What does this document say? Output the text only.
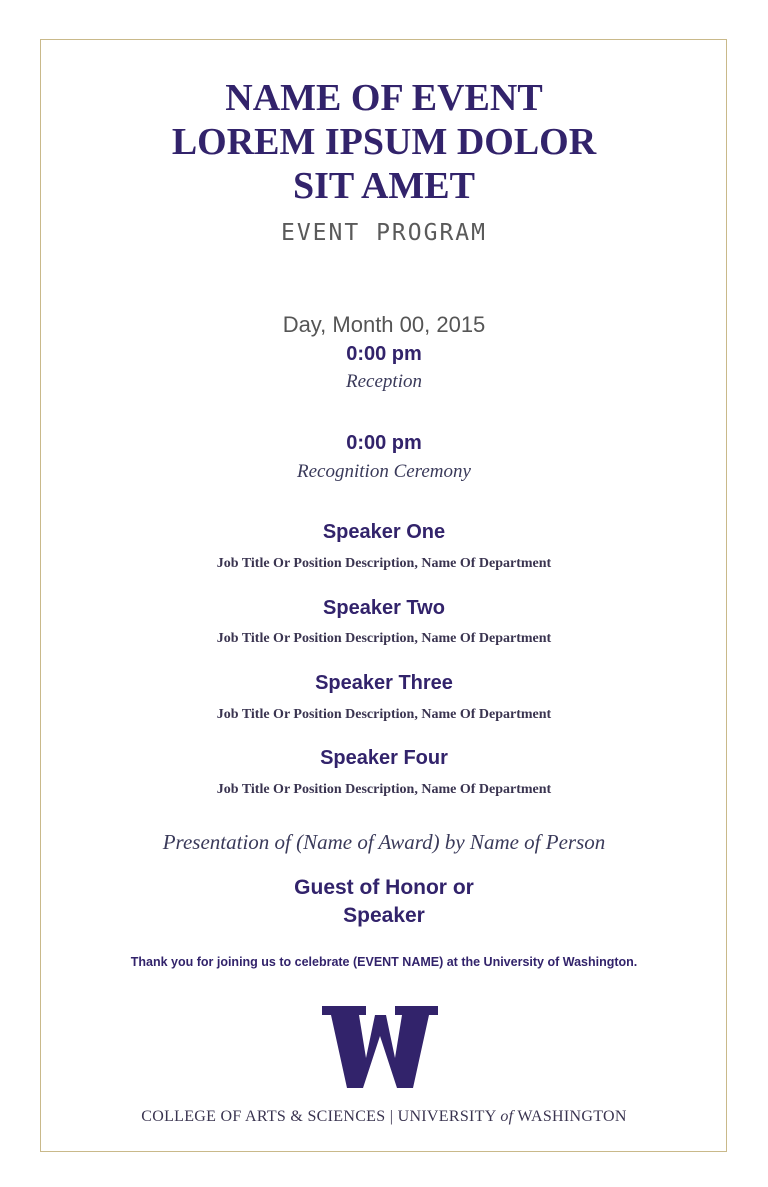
NAME OF EVENT
LOREM IPSUM DOLOR
SIT AMET
EVENT PROGRAM
Day, Month 00, 2015
0:00 pm
Reception
0:00 pm
Recognition Ceremony
Speaker One
Job Title Or Position Description, Name Of Department
Speaker Two
Job Title Or Position Description, Name Of Department
Speaker Three
Job Title Or Position Description, Name Of Department
Speaker Four
Job Title Or Position Description, Name Of Department
Presentation of (Name of Award) by Name of Person
Guest of Honor or
Speaker
Thank you for joining us to celebrate (EVENT NAME) at the University of Washington.
COLLEGE OF ARTS & SCIENCES | UNIVERSITY of WASHINGTON
